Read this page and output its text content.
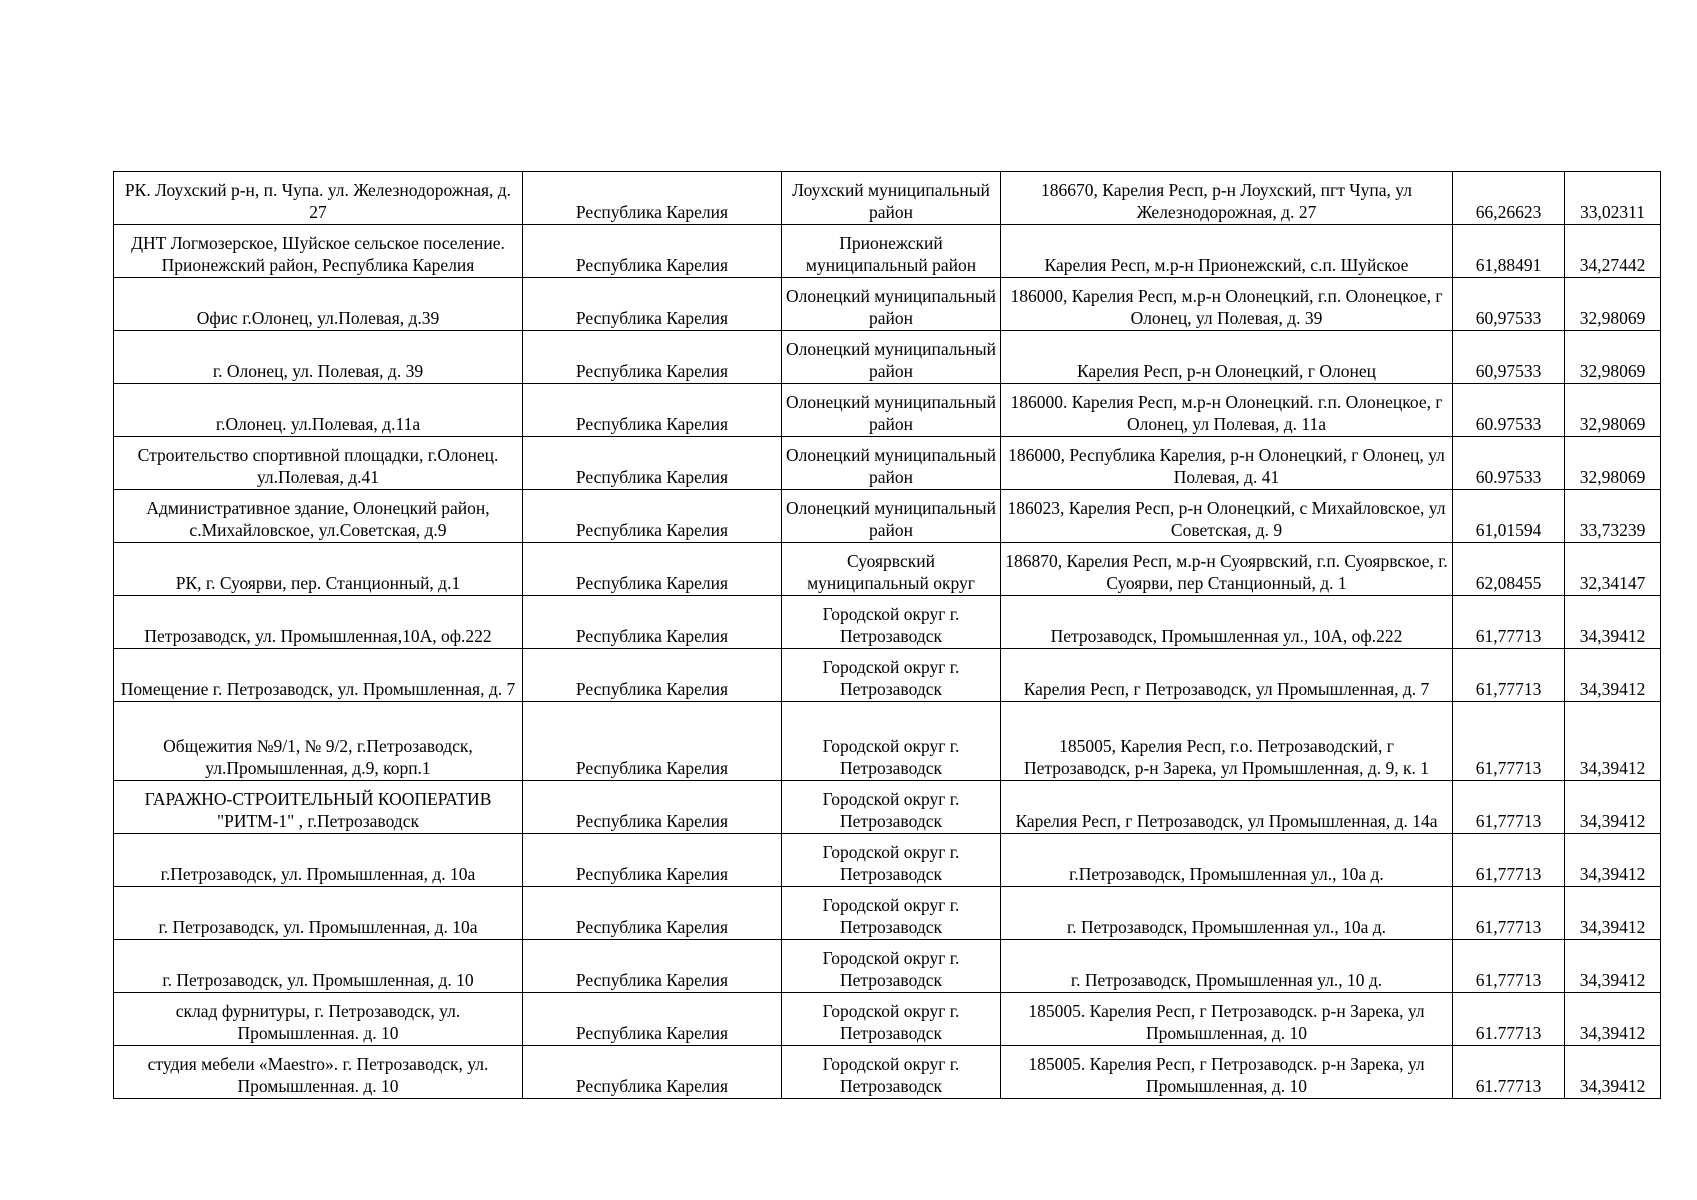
РК. Лоухский р-н, п. Чупа. ул. Железнодорожная, д. 27	Республика Карелия	Лоухский муниципальный район	186670, Карелия Респ, р-н Лоухский, пгт Чупа, ул Железнодорожная, д. 27	66,26623	33,02311
ДНТ Логмозерское, Шуйское сельское поселение. Прионежский район, Республика Карелия	Республика Карелия	Прионежский муниципальный район	Карелия Респ, м.р-н Прионежский, с.п. Шуйское	61,88491	34,27442
Офис г.Олонец, ул.Полевая, д.39	Республика Карелия	Олонецкий муниципальный район	186000, Карелия Респ, м.р-н Олонецкий, г.п. Олонецкое, г Олонец, ул Полевая, д. 39	60,97533	32,98069
г. Олонец, ул. Полевая, д. 39	Республика Карелия	Олонецкий муниципальный район	Карелия Респ, р-н Олонецкий, г Олонец	60,97533	32,98069
г.Олонец. ул.Полевая, д.11а	Республика Карелия	Олонецкий муниципальный район	186000. Карелия Респ, м.р-н Олонецкий. г.п. Олонецкое, г Олонец, ул Полевая, д. 11а	60.97533	32,98069
Строительство спортивной площадки, г.Олонец. ул.Полевая, д.41	Республика Карелия	Олонецкий муниципальный район	186000, Республика Карелия, р-н Олонецкий, г Олонец, ул Полевая, д. 41	60.97533	32,98069
Административное здание, Олонецкий район, с.Михайловское, ул.Советская, д.9	Республика Карелия	Олонецкий муниципальный район	186023, Карелия Респ, р-н Олонецкий, с Михайловское, ул Советская, д. 9	61,01594	33,73239
РК, г. Суоярви, пер. Станционный, д.1	Республика Карелия	Суоярвский муниципальный округ	186870, Карелия Респ, м.р-н Суоярвский, г.п. Суоярвское, г. Суоярви, пер Станционный, д. 1	62,08455	32,34147
Петрозаводск, ул. Промышленная,10А, оф.222	Республика Карелия	Городской округ г. Петрозаводск	Петрозаводск, Промышленная ул., 10А, оф.222	61,77713	34,39412
Помещение г. Петрозаводск, ул. Промышленная, д. 7	Республика Карелия	Городской округ г. Петрозаводск	Карелия Респ, г Петрозаводск, ул Промышленная, д. 7	61,77713	34,39412
Общежития №9/1, № 9/2, г.Петрозаводск, ул.Промышленная, д.9, корп.1	Республика Карелия	Городской округ г. Петрозаводск	185005, Карелия Респ, г.о. Петрозаводский, г Петрозаводск, р-н Зарека, ул Промышленная, д. 9, к. 1	61,77713	34,39412
ГАРАЖНО-СТРОИТЕЛЬНЫЙ КООПЕРАТИВ "РИТМ-1" , г.Петрозаводск	Республика Карелия	Городской округ г. Петрозаводск	Карелия Респ, г Петрозаводск, ул Промышленная, д. 14а	61,77713	34,39412
г.Петрозаводск, ул. Промышленная, д. 10а	Республика Карелия	Городской округ г. Петрозаводск	г.Петрозаводск, Промышленная ул., 10а д.	61,77713	34,39412
г. Петрозаводск, ул. Промышленная, д. 10а	Республика Карелия	Городской округ г. Петрозаводск	г. Петрозаводск, Промышленная ул., 10а д.	61,77713	34,39412
г. Петрозаводск, ул. Промышленная, д. 10	Республика Карелия	Городской округ г. Петрозаводск	г. Петрозаводск, Промышленная ул., 10 д.	61,77713	34,39412
склад фурнитуры, г. Петрозаводск, ул. Промышленная. д. 10	Республика Карелия	Городской округ г. Петрозаводск	185005. Карелия Респ, г Петрозаводск. р-н Зарека, ул Промышленная, д. 10	61.77713	34,39412
студия мебели «Maestro». г. Петрозаводск, ул. Промышленная. д. 10	Республика Карелия	Городской округ г. Петрозаводск	185005. Карелия Респ, г Петрозаводск. р-н Зарека, ул Промышленная, д. 10	61.77713	34,39412
